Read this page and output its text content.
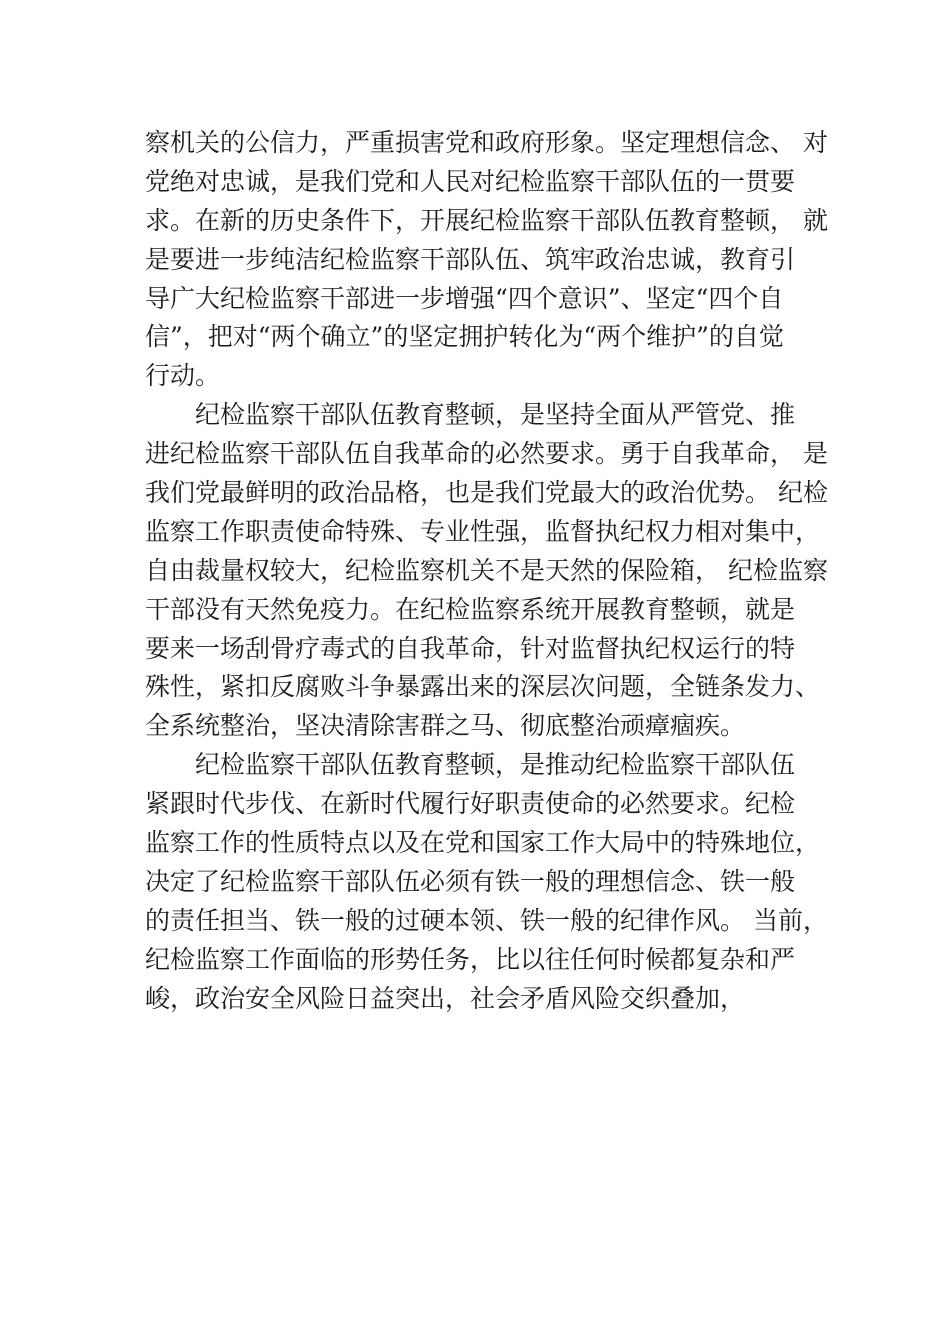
察机关的公信力，严重损害党和政府形象。坚定理想信念、 对
党绝对忠诚，是我们党和人民对纪检监察干部队伍的一贯要
求。在新的历史条件下，开展纪检监察干部队伍教育整顿， 就
是要进一步纯洁纪检监察干部队伍、筑牢政治忠诚，教育引
导广大纪检监察干部进一步增强“四个意识”、坚定“四个自
信”，把对“两个确立”的坚定拥护转化为“两个维护”的自觉
行动。
　　纪检监察干部队伍教育整顿，是坚持全面从严管党、推
进纪检监察干部队伍自我革命的必然要求。勇于自我革命， 是
我们党最鲜明的政治品格，也是我们党最大的政治优势。 纪检
监察工作职责使命特殊、专业性强，监督执纪权力相对集中，
自由裁量权较大，纪检监察机关不是天然的保险箱， 纪检监察
干部没有天然免疫力。在纪检监察系统开展教育整顿，就是
要来一场刮骨疗毒式的自我革命，针对监督执纪权运行的特
殊性，紧扣反腐败斗争暴露出来的深层次问题，全链条发力、
全系统整治，坚决清除害群之马、彻底整治顽瘴痼疾。
　　纪检监察干部队伍教育整顿，是推动纪检监察干部队伍
紧跟时代步伐、在新时代履行好职责使命的必然要求。纪检
监察工作的性质特点以及在党和国家工作大局中的特殊地位，
决定了纪检监察干部队伍必须有铁一般的理想信念、铁一般
的责任担当、铁一般的过硬本领、铁一般的纪律作风。 当前，
纪检监察工作面临的形势任务，比以往任何时候都复杂和严
峻，政治安全风险日益突出，社会矛盾风险交织叠加，
